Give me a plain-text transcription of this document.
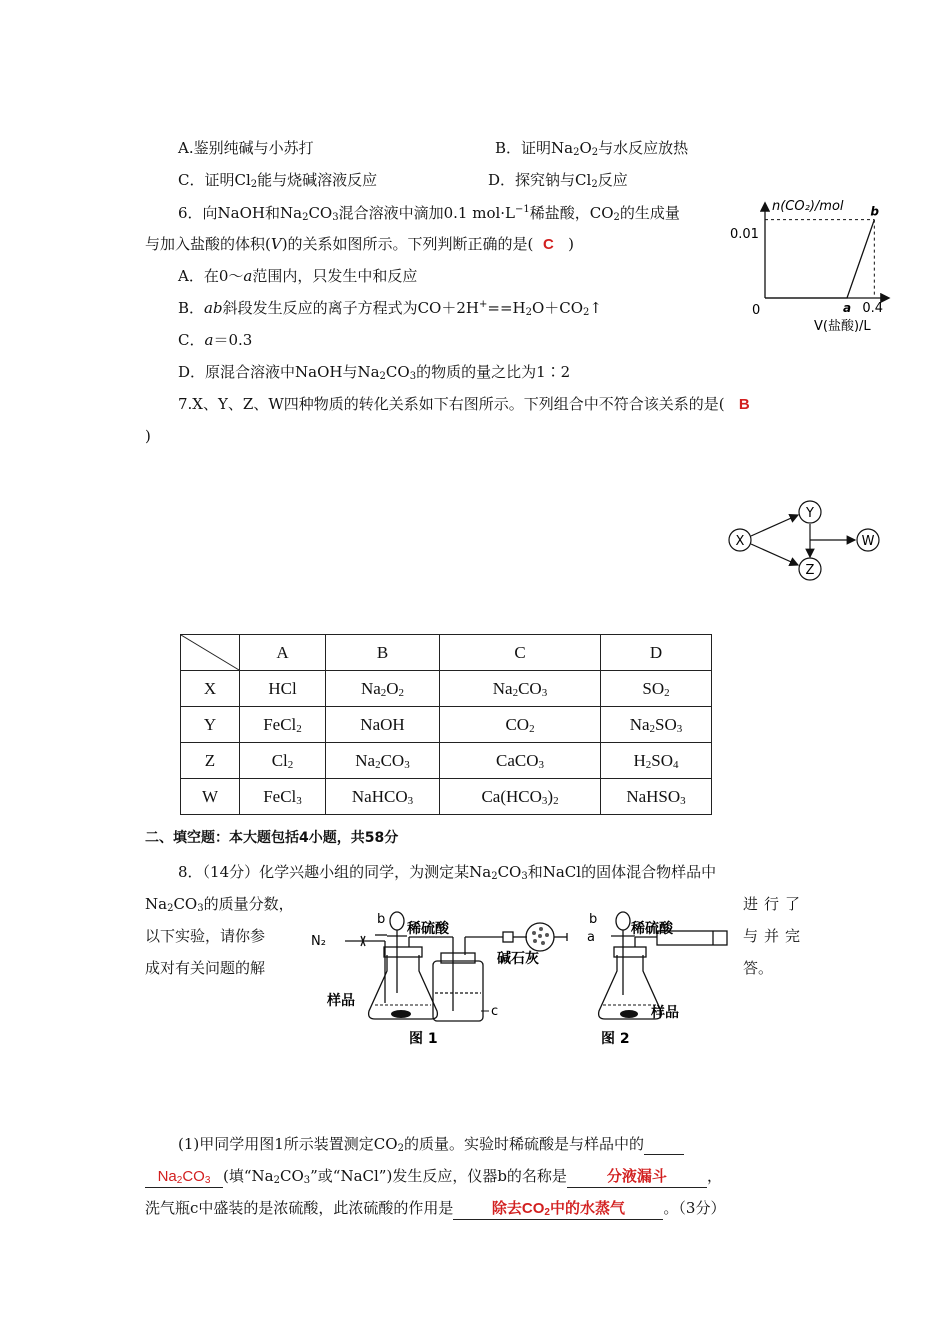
A.鉴别纯碱与小苏打	B．证明$Na_2O_2$与水反应放热
C．证明$Cl_2$能与烧碱溶液反应	D．探究钠与$Cl_2$反应
6．向NaOH和$Na_2CO_3$混合溶液中滴加0.1 $mol\cdot L^{-1}$稀盐酸，$CO_2$的生成量
与加入盐酸的体积(V)的关系如图所示。下列判断正确的是( C )
A．在0～a范围内，只发生中和反应
B．ab斜段发生反应的离子方程式为$CO+2H^+==H_2O+CO_2↑$
C．a＝0.3
D．原混合溶液中NaOH与$Na_2CO_3$的物质的量之比为1∶2
n(CO₂)/mol
0.01
0	a 0.4
b
V(盐酸)/L
7.X、Y、Z、W四种物质的转化关系如下右图所示。下列组合中不符合该关系的是( B
)
X
Y
Z
W
	A	B	C	D
X	HCl	$Na_2O_2$	$Na_2CO_3$	$SO_2$
Y	FeCl$_2$	NaOH	$CO_2$	$Na_2SO_3$
Z	$Cl_2$	$Na_2CO_3$	CaCO$_3$	$H_2SO_4$
W	FeCl$_3$	NaHCO$_3$	$Ca(HCO_3)_2$	NaHSO$_3$
二、填空题：本大题包括4小题，共58分
8．（14分）化学兴趣小组的同学，为测定某$Na_2CO_3$和NaCl的固体混合物样品中
$Na_2CO_3$的质量分数，	进行了
以下实验，请你参	与并完
成对有关问题的解	答。
b
稀硫酸
N₂
碱石灰
样品
c
图 1
b
a
稀硫酸
样品
图 2
(1)甲同学用图1所示装置测定$CO_2$的质量。实验时稀硫酸是与样品中的
$Na_2CO_3$ (填“$Na_2CO_3$”或“NaCl”)发生反应，仪器b的名称是	分液漏斗	，
洗气瓶c中盛装的是浓硫酸，此浓硫酸的作用是	除去$CO_2$中的水蒸气	。（3分）
